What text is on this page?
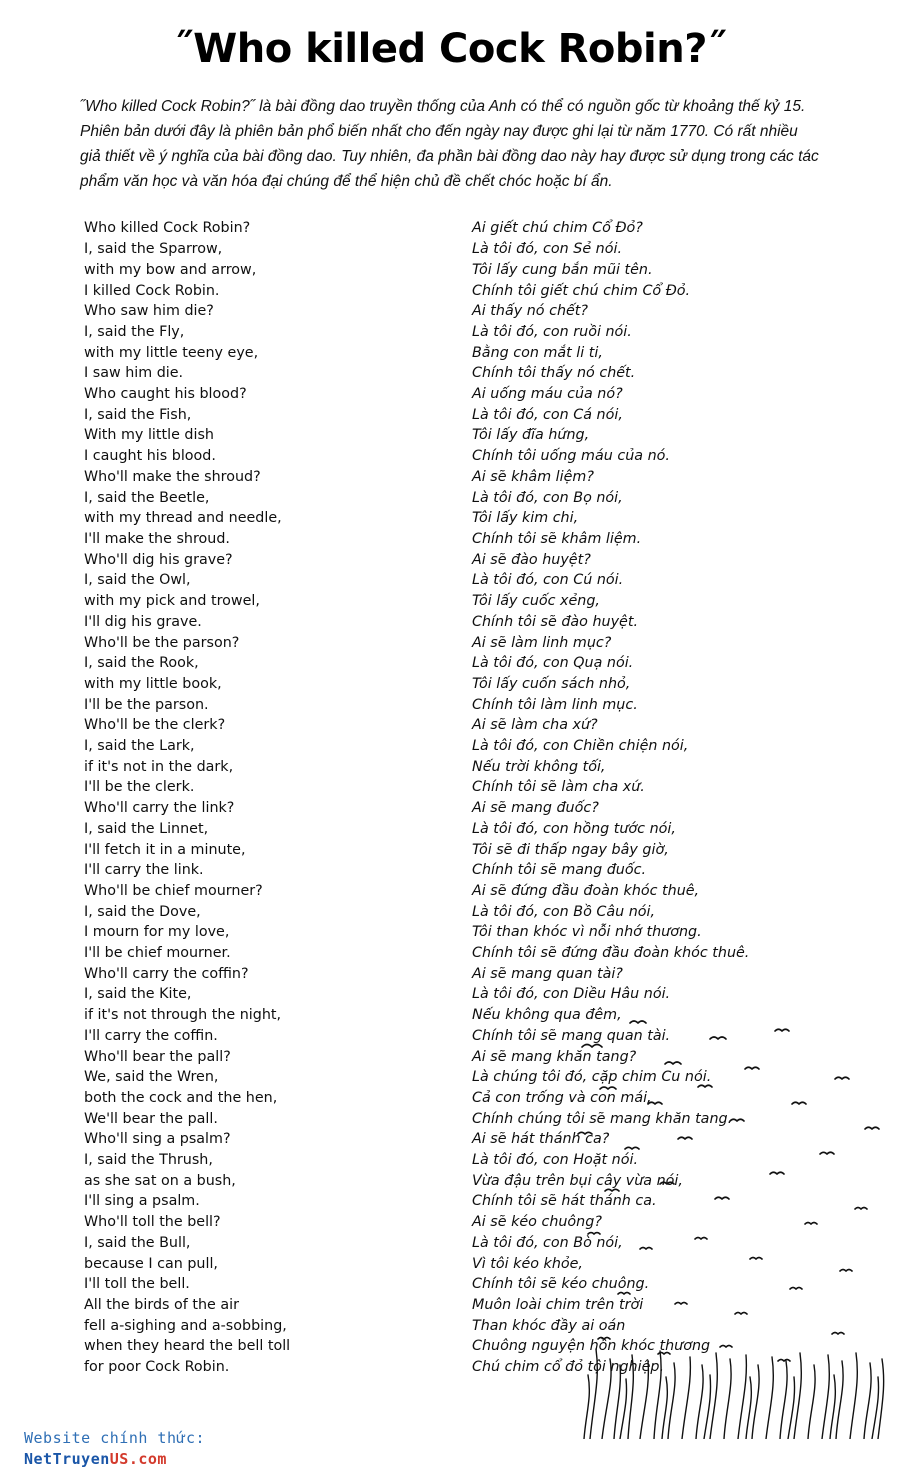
˝Who killed Cock Robin?˝

˝Who killed Cock Robin?˝ là bài đồng dao truyền thống của Anh có thể có nguồn gốc từ khoảng thế kỷ 15. Phiên bản dưới đây là phiên bản phổ biến nhất cho đến ngày nay được ghi lại từ năm 1770. Có rất nhiều giả thiết về ý nghĩa của bài đồng dao. Tuy nhiên, đa phần bài đồng dao này hay được sử dụng trong các tác phẩm văn học và văn hóa đại chúng để thể hiện chủ đề chết chóc hoặc bí ẩn.

Who killed Cock Robin?
I, said the Sparrow,
with my bow and arrow,
I killed Cock Robin.
Who saw him die?
I, said the Fly,
with my little teeny eye,
I saw him die.
Who caught his blood?
I, said the Fish,
With my little dish
I caught his blood.
Who'll make the shroud?
I, said the Beetle,
with my thread and needle,
I'll make the shroud.
Who'll dig his grave?
I, said the Owl,
with my pick and trowel,
I'll dig his grave.
Who'll be the parson?
I, said the Rook,
with my little book,
I'll be the parson.
Who'll be the clerk?
I, said the Lark,
if it's not in the dark,
I'll be the clerk.
Who'll carry the link?
I, said the Linnet,
I'll fetch it in a minute,
I'll carry the link.
Who'll be chief mourner?
I, said the Dove,
I mourn for my love,
I'll be chief mourner.
Who'll carry the coffin?
I, said the Kite,
if it's not through the night,
I'll carry the coffin.
Who'll bear the pall?
We, said the Wren,
both the cock and the hen,
We'll bear the pall.
Who'll sing a psalm?
I, said the Thrush,
as she sat on a bush,
I'll sing a psalm.
Who'll toll the bell?
I, said the Bull,
because I can pull,
I'll toll the bell.
All the birds of the air
fell a-sighing and a-sobbing,
when they heard the bell toll
for poor Cock Robin.
Ai giết chú chim Cổ Đỏ?
Là tôi đó, con Sẻ nói.
Tôi lấy cung bắn mũi tên.
Chính tôi giết chú chim Cổ Đỏ.
Ai thấy nó chết?
Là tôi đó, con ruồi nói.
Bằng con mắt li ti,
Chính tôi thấy nó chết.
Ai uống máu của nó?
Là tôi đó, con Cá nói,
Tôi lấy đĩa hứng,
Chính tôi uống máu của nó.
Ai sẽ khâm liệm?
Là tôi đó, con Bọ nói,
Tôi lấy kim chi,
Chính tôi sẽ khâm liệm.
Ai sẽ đào huyệt?
Là tôi đó, con Cú nói.
Tôi lấy cuốc xẻng,
Chính tôi sẽ đào huyệt.
Ai sẽ làm linh mục?
Là tôi đó, con Quạ nói.
Tôi lấy cuốn sách nhỏ,
Chính tôi làm linh mục.
Ai sẽ làm cha xứ?
Là tôi đó, con Chiền chiện nói,
Nếu trời không tối,
Chính tôi sẽ làm cha xứ.
Ai sẽ mang đuốc?
Là tôi đó, con hồng tước nói,
Tôi sẽ đi thấp ngay bây giờ,
Chính tôi sẽ mang đuốc.
Ai sẽ đứng đầu đoàn khóc thuê,
Là tôi đó, con Bồ Câu nói,
Tôi than khóc vì nỗi nhớ thương.
Chính tôi sẽ đứng đầu đoàn khóc thuê.
Ai sẽ mang quan tài?
Là tôi đó, con Diều Hâu nói.
Nếu không qua đêm,
Chính tôi sẽ mang quan tài.
Ai sẽ mang khăn tang?
Là chúng tôi đó, cặp chim Cu nói.
Cả con trống và con mái,
Chính chúng tôi sẽ mang khăn tang.
Ai sẽ hát thánh ca?
Là tôi đó, con Hoặt nói.
Vừa đậu trên bụi cây vừa nói,
Chính tôi sẽ hát thánh ca.
Ai sẽ kéo chuông?
Là tôi đó, con Bò nói,
Vì tôi kéo khỏe,
Chính tôi sẽ kéo chuông.
Muôn loài chim trên trời
Than khóc đầy ai oán
Chuông nguyện hồn khóc thương
Chú chim cổ đỏ tội nghiệp.
Website chính thức:
NetTruyenUS.com
